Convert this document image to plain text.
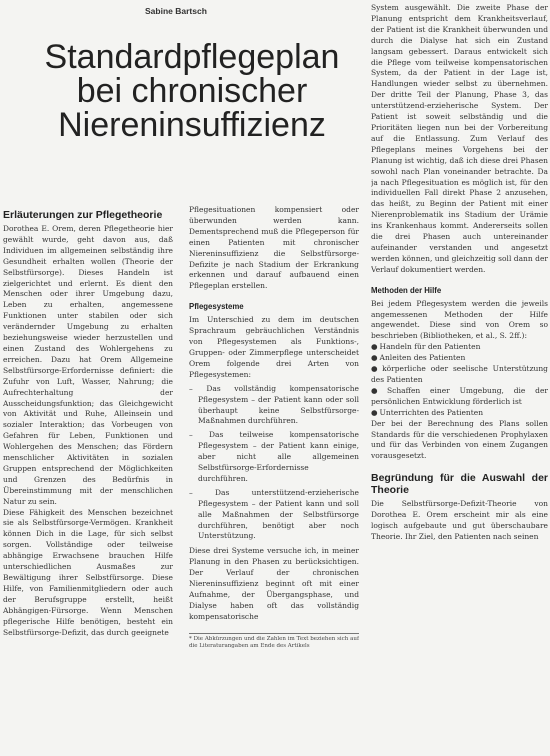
Sabine Bartsch
Standardpflegeplan
bei chronischer
Niereninsuffizienz
Erläuterungen zur Pflegetheorie

Dorothea E. Orem, deren Pflegetheorie hier gewählt wurde, geht davon aus, daß Individuen im allgemeinen selbständig ihre Gesundheit erhalten wollen (Theorie der Selbstfürsorge). Dieses Handeln ist zielgerichtet und erlernt. Es dient den Menschen oder ihrer Umgebung dazu, Leben zu erhalten, angemessene Funktionen unter stabilen oder sich verändernder Umgebung zu erhalten beziehungsweise wieder herzustellen und einen Zustand des Wohlergehens zu erreichen. Dazu hat Orem Allgemeine Selbstfürsorge-Erfordernisse definiert: die Zufuhr von Luft, Wasser, Nahrung; die Aufrechterhaltung der Ausscheidungsfunktion; das Gleichgewicht von Aktivität und Ruhe, Alleinsein und sozialer Interaktion; das Vorbeugen von Gefahren für Leben, Funktionen und Wohlergehen des Menschen; das Fördern menschlicher Aktivitäten in sozialen Gruppen entsprechend der Möglichkeiten und Grenzen des Bedürfnis in Übereinstimmung mit der menschlichen Natur zu sein.

Diese Fähigkeit des Menschen bezeichnet sie als Selbstfürsorge-Vermögen. Krankheit können Dich in die Lage, für sich selbst sorgen. Vollständige oder teilweise abhängige Erwachsene brauchen Hilfe unterschiedlichen Ausmaßes zur Bewältigung ihrer Selbstfürsorge. Diese Hilfe, von Familienmitgliedern oder auch der Berufsgruppe erstellt, heißt Abhängigen-Fürsorge. Wenn Menschen pflegerische Hilfe benötigen, besteht ein Selbstfürsorge-Defizit, das durch geeignete

Pflegesituationen kompensiert oder überwunden werden kann. Dementsprechend muß die Pflegeperson für einen Patienten mit chronischer Niereninsuffizienz die Selbstfürsorge-Defizite je nach Stadium der Erkrankung erkennen und darauf aufbauend einen Pflegeplan erstellen.

Pflegesysteme

Im Unterschied zu dem im deutschen Sprachraum gebräuchlichen Verständnis von Pflegesystemen als Funktions-, Gruppen- oder Zimmerpflege unterscheidet Orem folgende drei Arten von Pflegesystemen:

– Das vollständig kompensatorische Pflegesystem – der Patient kann oder soll überhaupt keine Selbstfürsorge-Maßnahmen durchführen.

– Das teilweise kompensatorische Pflegesystem – der Patient kann einige, aber nicht alle allgemeinen Selbstfürsorge-Erfordernisse durchführen.

– Das unterstützend-erzieherische Pflegesystem – der Patient kann und soll alle Maßnahmen der Selbstfürsorge durchführen, benötigt aber noch Unterstützung.

Diese drei Systeme versuche ich, in meiner Planung in den Phasen zu berücksichtigen. Der Verlauf der chronischen Niereninsuffizienz beginnt oft mit einer Aufnahme, der Übergangsphase, und Dialyse haben oft das vollständig kompensatorische

* Die Abkürzungen und die Zahlen im Text beziehen sich auf die Literaturangaben am Ende des Artikels

System ausgewählt. Die zweite Phase der Planung entspricht dem Krankheitsverlauf, der Patient ist die Krankheit überwunden und durch die Dialyse hat sich ein Zustand langsam gebessert. Daraus entwickelt sich die Pflege vom teilweise kompensatorischen System, da der Patient in der Lage ist, Handlungen wieder selbst zu übernehmen. Der dritte Teil der Planung, Phase 3, das unterstützend-erzieherische System. Der Patient ist soweit selbständig und die Prioritäten liegen nun bei der Vorbereitung auf die Entlassung. Zum Verlauf des Pflegeplans meines Vorgehens bei der Planung ist wichtig, daß ich diese drei Phasen sowohl nach Plan voneinander betrachte. Da ja nach Pflegesituation es möglich ist, für den individuellen Fall direkt Phase 2 anzusehen, das heißt, zu Beginn der Patient mit einer Nierenproblematik ins Stadium der Urämie ins Krankenhaus kommt. Andererseits sollen die drei Phasen auch untereinander aufeinander verstanden und angesetzt werden können, und gleichzeitig soll dann der Verlauf dokumentiert werden.

Methoden der Hilfe

Bei jedem Pflegesystem werden die jeweils angemessenen Methoden der Hilfe angewendet. Diese sind von Orem so beschrieben (Bibliotheken, et al., S. 2ff.):

● Handeln für den Patienten

● Anleiten des Patienten

● körperliche oder seelische Unterstützung des Patienten

● Schaffen einer Umgebung, die der persönlichen Entwicklung förderlich ist

● Unterrichten des Patienten

Der bei der Berechnung des Plans sollen Standards für die verschiedenen Prophylaxen und für das Verbinden von einem Zugangen vorausgesetzt.

Begründung für die Auswahl der Theorie

Die Selbstfürsorge-Defizit-Theorie von Dorothea E. Orem erscheint mir als eine logisch aufgebaute und gut überschaubare Theorie. Ihr Ziel, den Patienten nach seinen
